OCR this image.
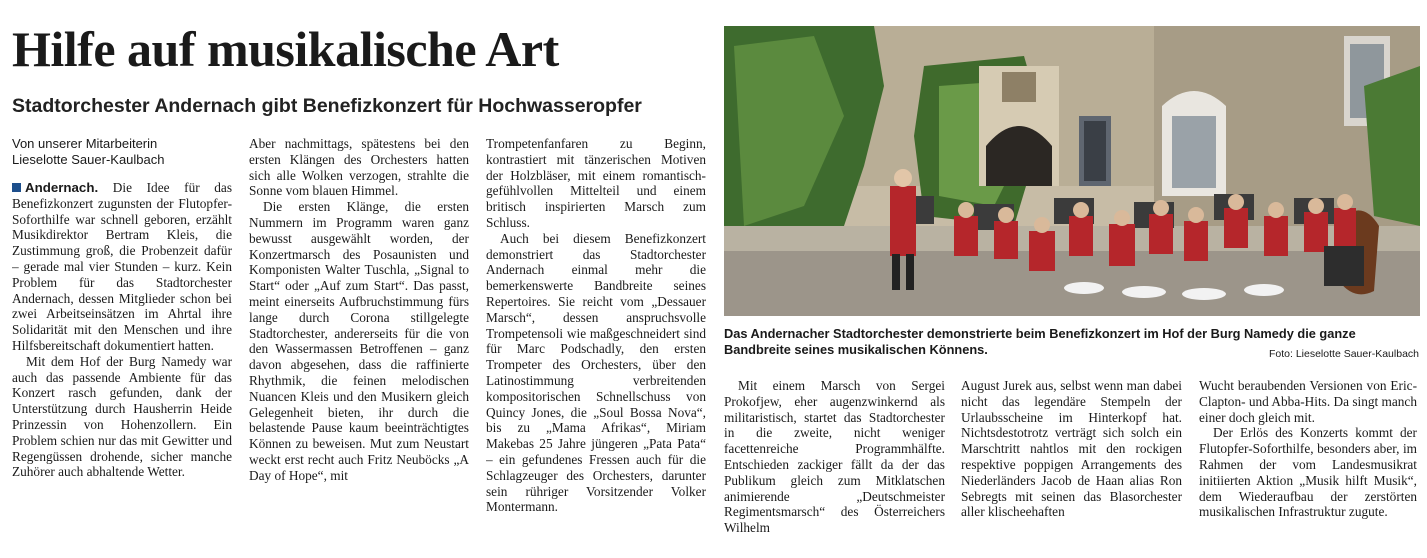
Hilfe auf musikalische Art
Stadtorchester Andernach gibt Benefizkonzert für Hochwasseropfer
Von unserer Mitarbeiterin
Lieselotte Sauer-Kaulbach

Andernach. Die Idee für das Benefizkonzert zugunsten der Flutopfer-Soforthilfe war schnell geboren, erzählt Musikdirektor Bertram Kleis, die Zustimmung groß, die Probenzeit dafür – gerade mal vier Stunden – kurz. Kein Problem für das Stadtorchester Andernach, dessen Mitglieder schon bei zwei Arbeitseinsätzen im Ahrtal ihre Solidarität mit den Menschen und ihre Hilfsbereitschaft dokumentiert hatten.

Mit dem Hof der Burg Namedy war auch das passende Ambiente für das Konzert rasch gefunden, dank der Unterstützung durch Hausherrin Heide Prinzessin von Hohenzollern. Ein Problem schien nur das mit Gewitter und Regengüssen drohende, sicher manche Zuhörer auch abhaltende Wetter.

Aber nachmittags, spätestens bei den ersten Klängen des Orchesters hatten sich alle Wolken verzogen, strahlte die Sonne vom blauen Himmel.

Die ersten Klänge, die ersten Nummern im Programm waren ganz bewusst ausgewählt worden, der Konzertmarsch des Posaunisten und Komponisten Walter Tuschla, „Signal to Start“ oder „Auf zum Start“. Das passt, meint einerseits Aufbruchstimmung fürs lange durch Corona stillgelegte Stadtorchester, andererseits für die von den Wassermassen Betroffenen – ganz davon abgesehen, dass die raffinierte Rhythmik, die feinen melodischen Nuancen Kleis und den Musikern gleich Gelegenheit bieten, ihr durch die belastende Pause kaum beeinträchtigtes Können zu beweisen. Mut zum Neustart weckt erst recht auch Fritz Neuböcks „A Day of Hope“, mit

Trompetenfanfaren zu Beginn, kontrastiert mit tänzerischen Motiven der Holzbläser, mit einem romantisch-gefühlvollen Mittelteil und einem britisch inspirierten Marsch zum Schluss.

Auch bei diesem Benefizkonzert demonstriert das Stadtorchester Andernach einmal mehr die bemerkenswerte Bandbreite seines Repertoires. Sie reicht vom „Dessauer Marsch“, dessen anspruchsvolle Trompetensoli wie maßgeschneidert sind für Marc Podschadly, den ersten Trompeter des Orchesters, über den Latinostimmung verbreitenden kompositorischen Schnellschuss von Quincy Jones, die „Soul Bossa Nova“, bis zu „Mama Afrikas“, Miriam Makebas 25 Jahre jüngeren „Pata Pata“ – ein gefundenes Fressen auch für die Schlagzeuger des Orchesters, darunter sein rühriger Vorsitzender Volker Montermann.

Das Andernacher Stadtorchester demonstrierte beim Benefizkonzert im Hof der Burg Namedy die ganze Bandbreite seines musikalischen Könnens.	Foto: Lieselotte Sauer-Kaulbach

Mit einem Marsch von Sergei Prokofjew, eher augenzwinkernd als militaristisch, startet das Stadtorchester in die zweite, nicht weniger facettenreiche Programmhälfte. Entschieden zackiger fällt da der das Publikum gleich zum Mitklatschen animierende „Deutschmeister Regimentsmarsch“ des Österreichers Wilhelm

August Jurek aus, selbst wenn man dabei nicht das legendäre Stempeln der Urlaubsscheine im Hinterkopf hat. Nichtsdestotrotz verträgt sich solch ein Marschtritt nahtlos mit den rockigen respektive poppigen Arrangements des Niederländers Jacob de Haan alias Ron Sebregts mit seinen das Blasorchester aller klischeehaften

Wucht beraubenden Versionen von Eric-Clapton- und Abba-Hits. Da singt manch einer doch gleich mit.

Der Erlös des Konzerts kommt der Flutopfer-Soforthilfe, besonders aber, im Rahmen der vom Landesmusikrat initiierten Aktion „Musik hilft Musik“, dem Wiederaufbau der zerstörten musikalischen Infrastruktur zugute.
